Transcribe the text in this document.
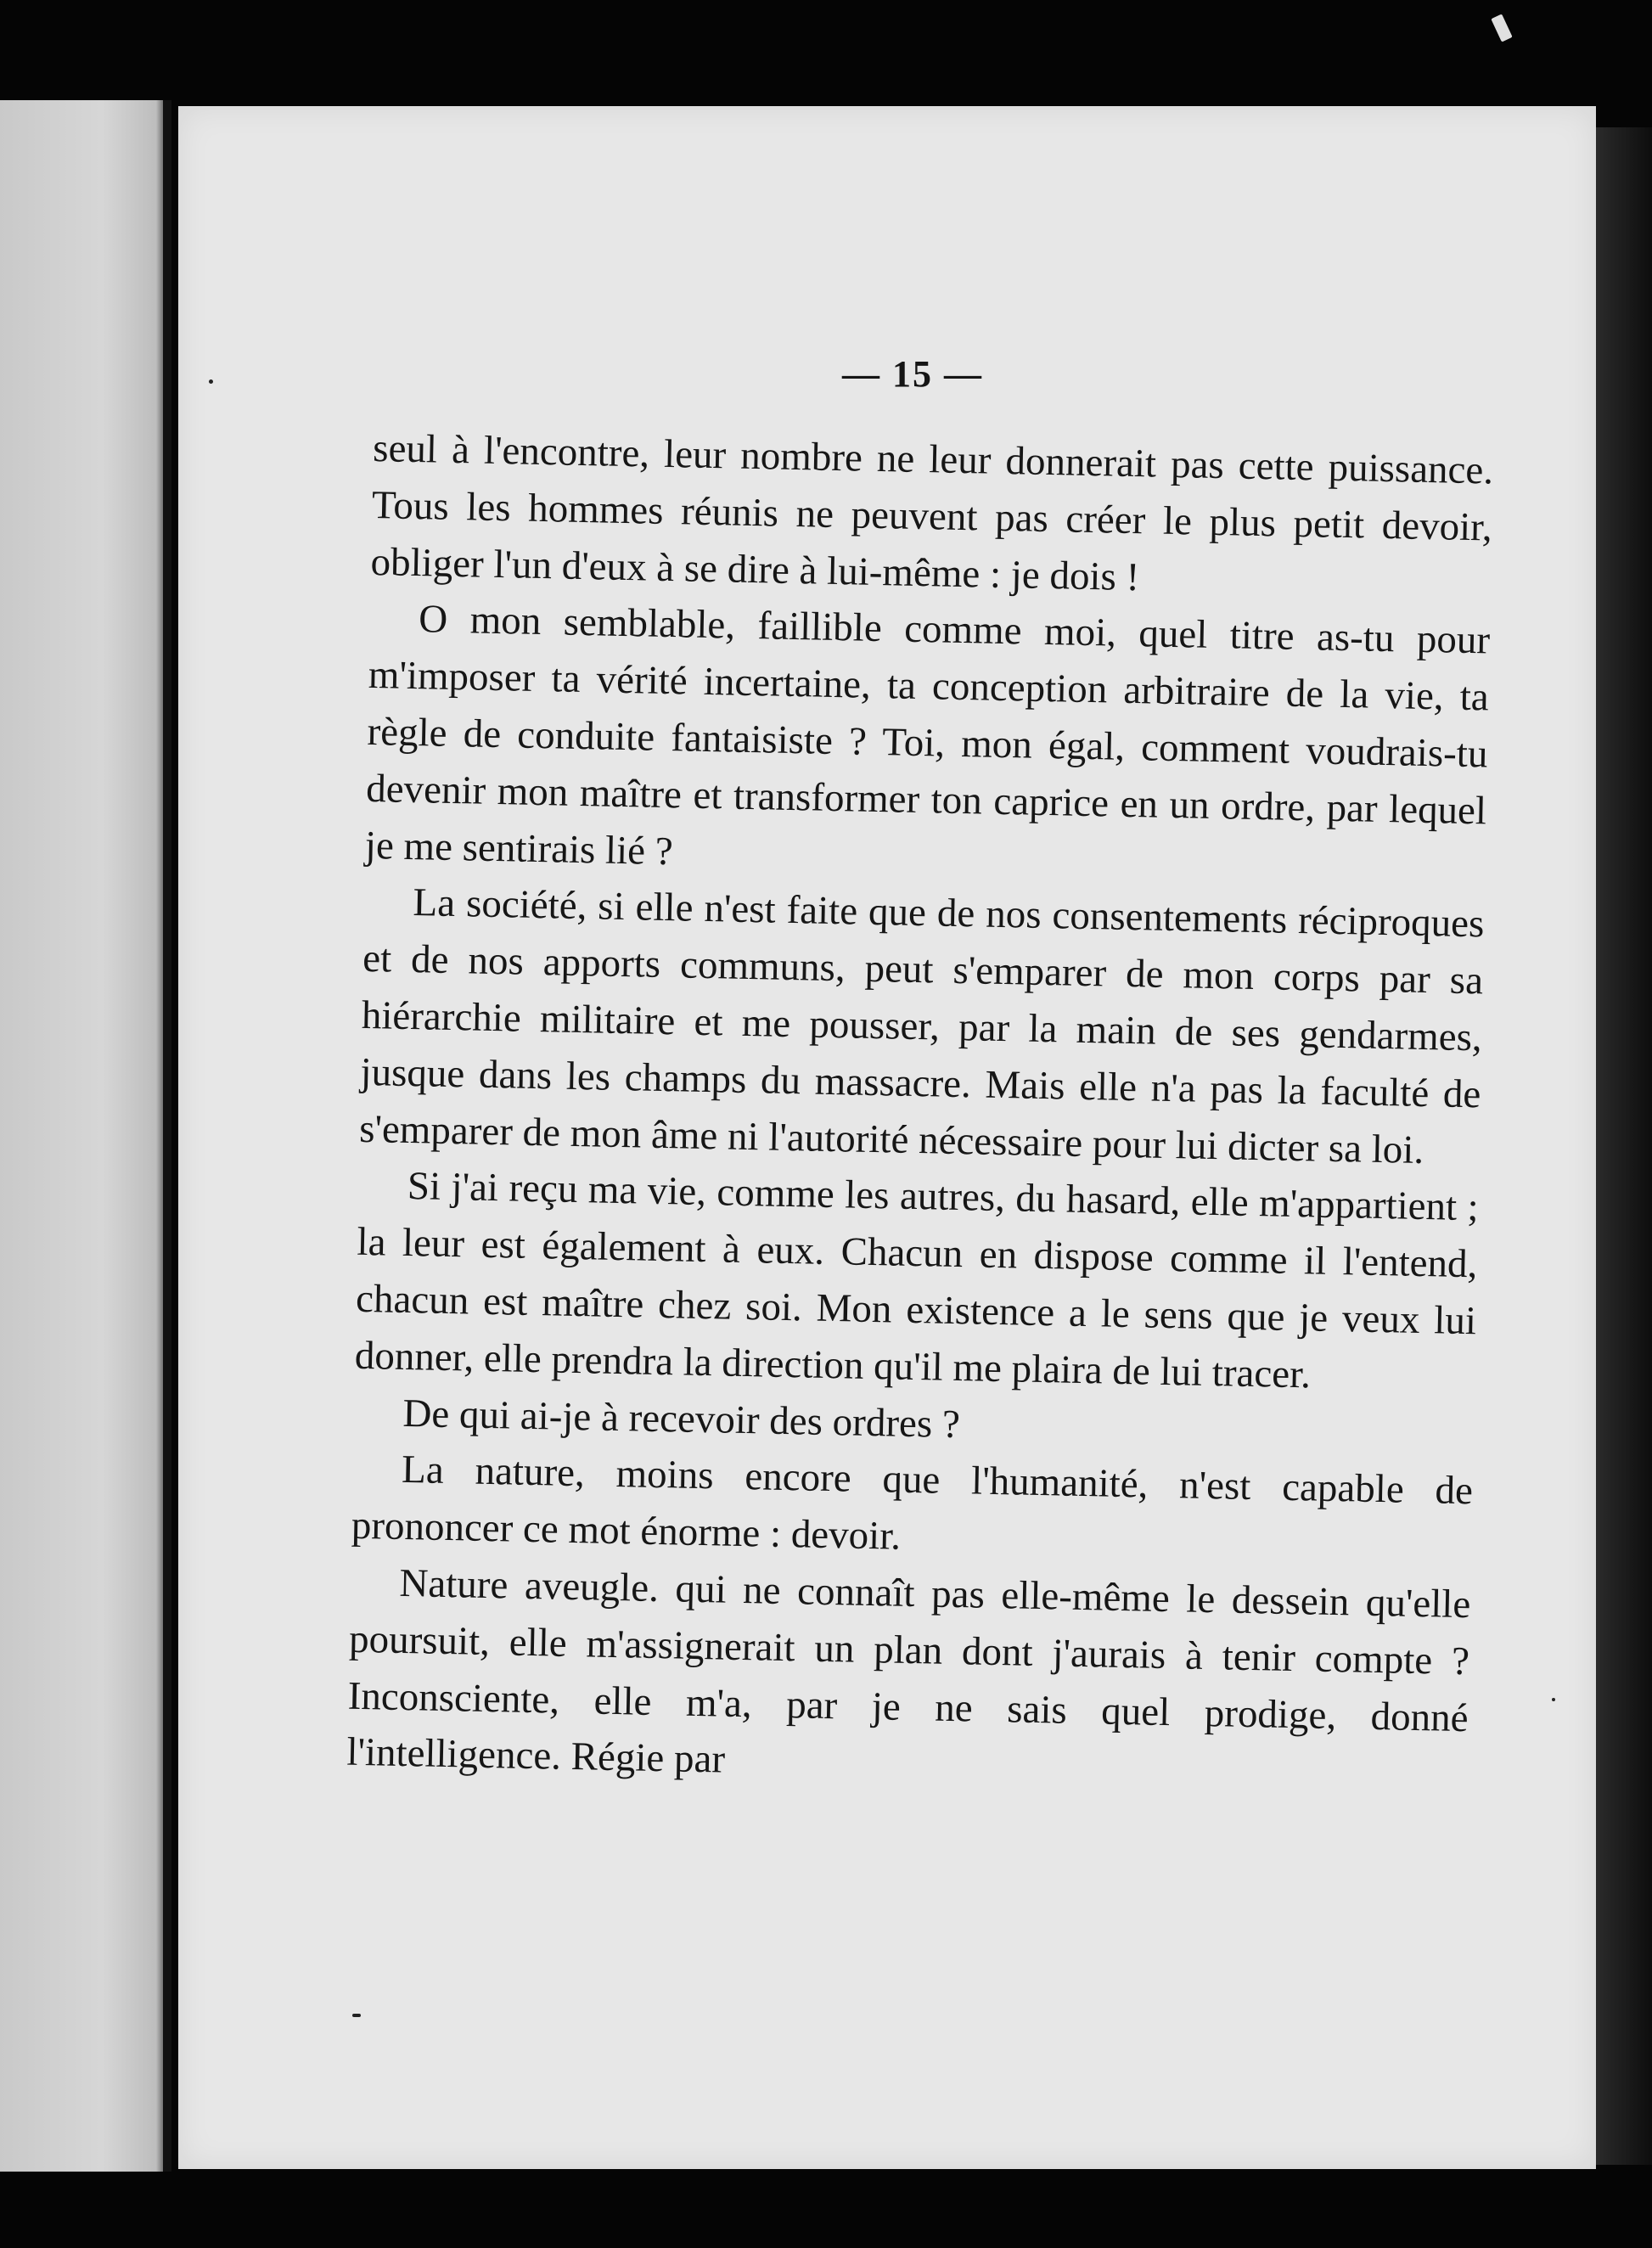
— 15 —

seul à l'encontre, leur nombre ne leur donnerait pas cette puissance. Tous les hommes réunis ne peuvent pas créer le plus petit devoir, obliger l'un d'eux à se dire à lui-même : je dois !

O mon semblable, faillible comme moi, quel titre as-tu pour m'imposer ta vérité incertaine, ta conception arbitraire de la vie, ta règle de conduite fantaisiste ? Toi, mon égal, comment voudrais-tu devenir mon maître et transformer ton caprice en un ordre, par lequel je me sentirais lié ?

La société, si elle n'est faite que de nos consentements réciproques et de nos apports communs, peut s'emparer de mon corps par sa hiérarchie militaire et me pousser, par la main de ses gendarmes, jusque dans les champs du massacre. Mais elle n'a pas la faculté de s'emparer de mon âme ni l'autorité nécessaire pour lui dicter sa loi.

Si j'ai reçu ma vie, comme les autres, du hasard, elle m'appartient ; la leur est également à eux. Chacun en dispose comme il l'entend, chacun est maître chez soi. Mon existence a le sens que je veux lui donner, elle prendra la direction qu'il me plaira de lui tracer.

De qui ai-je à recevoir des ordres ?

La nature, moins encore que l'humanité, n'est capable de prononcer ce mot énorme : devoir.

Nature aveugle. qui ne connaît pas elle-même le dessein qu'elle poursuit, elle m'assignerait un plan dont j'aurais à tenir compte ? Inconsciente, elle m'a, par je ne sais quel prodige, donné l'intelligence. Régie par
